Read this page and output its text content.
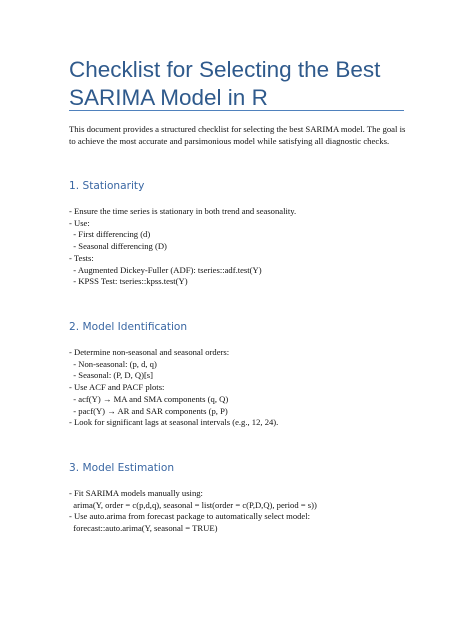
Checklist for Selecting the Best SARIMA Model in R
This document provides a structured checklist for selecting the best SARIMA model. The goal is to achieve the most accurate and parsimonious model while satisfying all diagnostic checks.
1. Stationarity
- Ensure the time series is stationary in both trend and seasonality.
- Use:
- First differencing (d)
- Seasonal differencing (D)
- Tests:
- Augmented Dickey-Fuller (ADF): tseries::adf.test(Y)
- KPSS Test: tseries::kpss.test(Y)
2. Model Identification
- Determine non-seasonal and seasonal orders:
- Non-seasonal: (p, d, q)
- Seasonal: (P, D, Q)[s]
- Use ACF and PACF plots:
- acf(Y) → MA and SMA components (q, Q)
- pacf(Y) → AR and SAR components (p, P)
- Look for significant lags at seasonal intervals (e.g., 12, 24).
3. Model Estimation
- Fit SARIMA models manually using:
arima(Y, order = c(p,d,q), seasonal = list(order = c(P,D,Q), period = s))
- Use auto.arima from forecast package to automatically select model:
forecast::auto.arima(Y, seasonal = TRUE)
